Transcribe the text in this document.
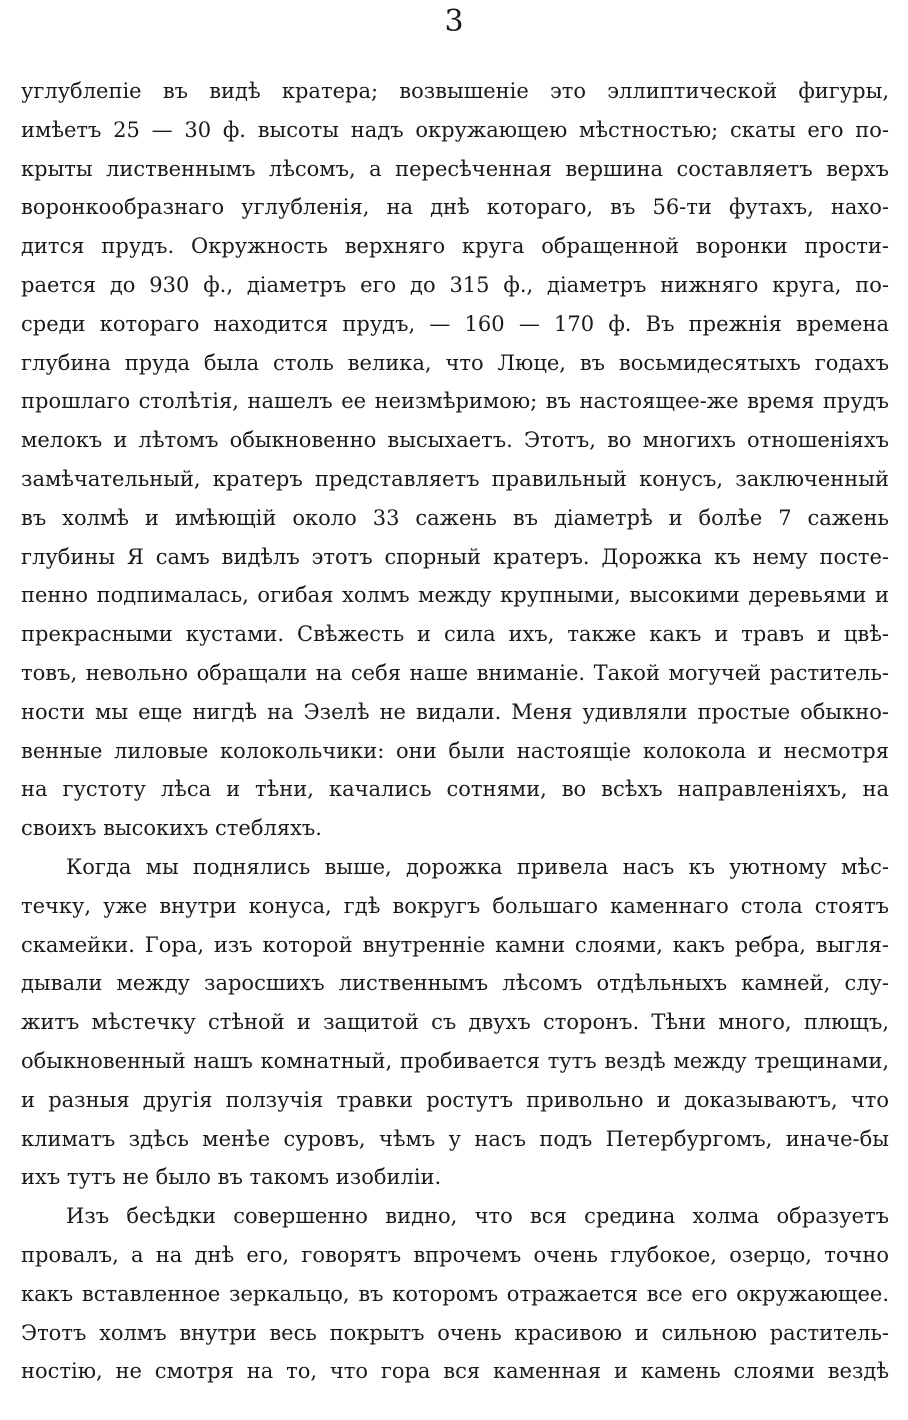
3
углублепіе въ видѣ кратера; возвышеніе это эллиптической фигуры,
имѣетъ 25 — 30 ф. высоты надъ окружающею мѣстностью; скаты его по-
крыты лиственнымъ лѣсомъ, а пересѣченная вершина составляетъ верхъ
воронкообразнаго углубленія, на днѣ котораго, въ 56-ти футахъ, нахо-
дится прудъ. Окружность верхняго круга обращенной воронки прости-
рается до 930 ф., діаметръ его до 315 ф., діаметръ нижняго круга, по-
среди котораго находится прудъ, — 160 — 170 ф. Въ прежнія времена
глубина пруда была столь велика, что Люце, въ восьмидесятыхъ годахъ
прошлаго столѣтія, нашелъ ее неизмѣримою; въ настоящее-же время прудъ
мелокъ и лѣтомъ обыкновенно высыхаетъ. Этотъ, во многихъ отношеніяхъ
замѣчательный, кратеръ представляетъ правильный конусъ, заключенный
въ холмѣ и имѣющій около 33 сажень въ діаметрѣ и болѣе 7 сажень
глубины Я самъ видѣлъ этотъ спорный кратеръ. Дорожка къ нему посте-
пенно подпималась, огибая холмъ между крупными, высокими деревьями и
прекрасными кустами. Свѣжесть и сила ихъ, также какъ и травъ и цвѣ-
товъ, невольно обращали на себя наше вниманіе. Такой могучей раститель-
ности мы еще нигдѣ на Эзелѣ не видали. Меня удивляли простые обыкно-
венные лиловые колокольчики: они были настоящіе колокола и несмотря
на густоту лѣса и тѣни, качались сотнями, во всѣхъ направленіяхъ, на
своихъ высокихъ стебляхъ.
Когда мы поднялись выше, дорожка привела насъ къ уютному мѣс-
течку, уже внутри конуса, гдѣ вокругъ большаго каменнаго стола стоятъ
скамейки. Гора, изъ которой внутренніе камни слоями, какъ ребра, выгля-
дывали между заросшихъ лиственнымъ лѣсомъ отдѣльныхъ камней, слу-
житъ мѣстечку стѣной и защитой съ двухъ сторонъ. Тѣни много, плющъ,
обыкновенный нашъ комнатный, пробивается тутъ вездѣ между трещинами,
и разныя другія ползучія травки ростутъ привольно и доказываютъ, что
климатъ здѣсь менѣе суровъ, чѣмъ у насъ подъ Петербургомъ, иначе-бы
ихъ тутъ не было въ такомъ изобиліи.
Изъ бесѣдки совершенно видно, что вся средина холма образуетъ
провалъ, а на днѣ его, говорятъ впрочемъ очень глубокое, озерцо, точно
какъ вставленное зеркальцо, въ которомъ отражается все его окружающее.
Этотъ холмъ внутри весь покрытъ очень красивою и сильною раститель-
ностію, не смотря на то, что гора вся каменная и камень слоями вездѣ
